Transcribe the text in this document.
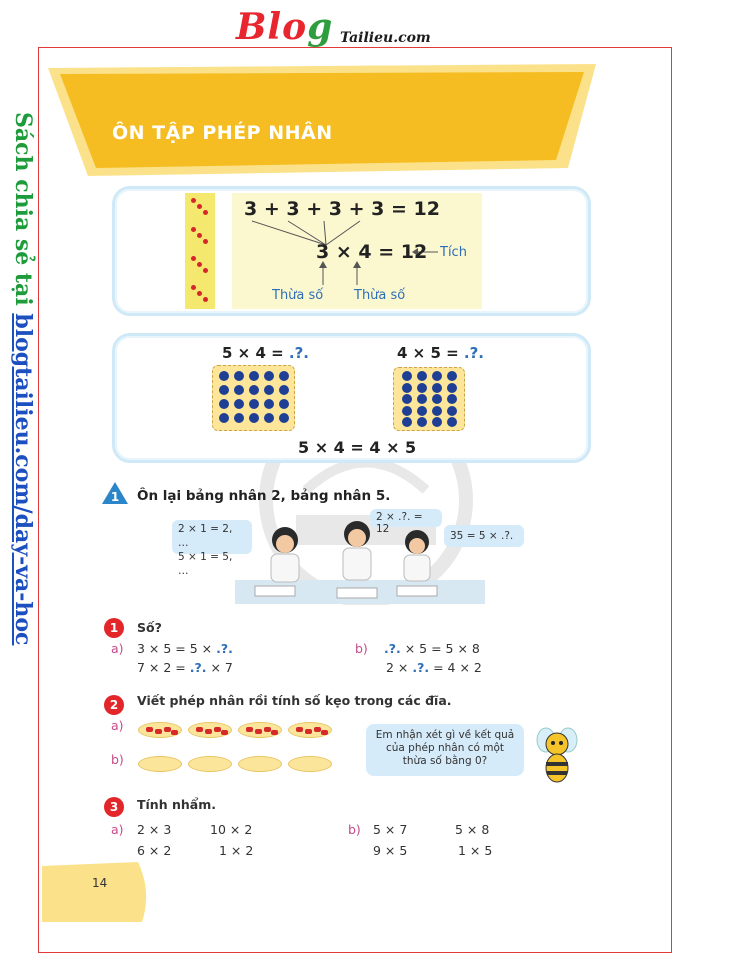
Blog Tailieu.com
Sách chia sẻ tại blogtailieu.com/day-va-hoc
ÔN TẬP PHÉP NHÂN
3 + 3 + 3 + 3 = 12
3 × 4 = 12 Tích
Thừa số Thừa số
5 × 4 = .?.	4 × 5 = .?.
5 × 4 = 4 × 5
1 Ôn lại bảng nhân 2, bảng nhân 5.
2 × 1 = 2, …
5 × 1 = 5, …
2 × .?. = 12
35 = 5 × .?.
1	Số?
a) 3 × 5 = 5 × .?.
7 × 2 = .?. × 7
b) .?. × 5 = 5 × 8
2 × .?. = 4 × 2
2	Viết phép nhân rồi tính số kẹo trong các đĩa.
a)
b)
Em nhận xét gì về kết quả
của phép nhân có một
thừa số bằng 0?
3	Tính nhẩm.
a) 2 × 3	10 × 2
6 × 2	1 × 2
b) 5 × 7	5 × 8
9 × 5	1 × 5
14
